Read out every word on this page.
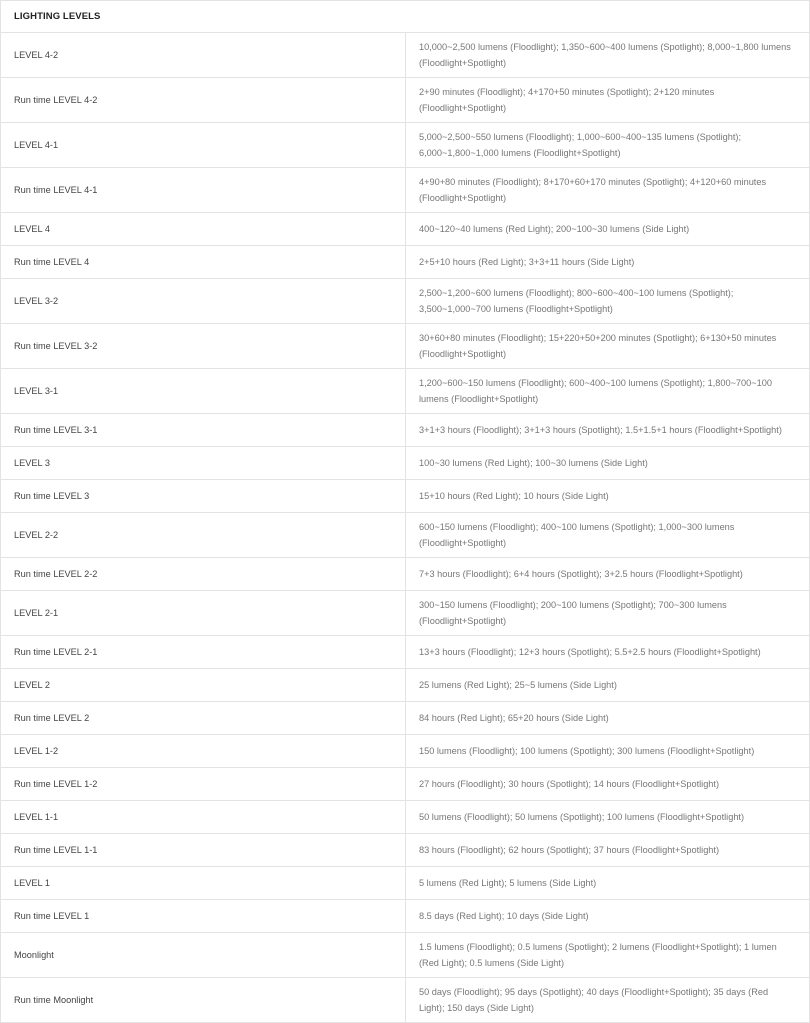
LIGHTING LEVELS	
LEVEL 4-2	10,000~2,500 lumens (Floodlight); 1,350~600~400 lumens (Spotlight); 8,000~1,800 lumens (Floodlight+Spotlight)
Run time LEVEL 4-2	2+90 minutes (Floodlight); 4+170+50 minutes (Spotlight); 2+120 minutes (Floodlight+Spotlight)
LEVEL 4-1	5,000~2,500~550 lumens (Floodlight); 1,000~600~400~135 lumens (Spotlight); 6,000~1,800~1,000 lumens (Floodlight+Spotlight)
Run time LEVEL 4-1	4+90+80 minutes (Floodlight); 8+170+60+170 minutes (Spotlight); 4+120+60 minutes (Floodlight+Spotlight)
LEVEL 4	400~120~40 lumens (Red Light); 200~100~30 lumens (Side Light)
Run time LEVEL 4	2+5+10 hours (Red Light); 3+3+11 hours (Side Light)
LEVEL 3-2	2,500~1,200~600 lumens (Floodlight); 800~600~400~100 lumens (Spotlight); 3,500~1,000~700 lumens (Floodlight+Spotlight)
Run time LEVEL 3-2	30+60+80 minutes (Floodlight); 15+220+50+200 minutes (Spotlight); 6+130+50 minutes (Floodlight+Spotlight)
LEVEL 3-1	1,200~600~150 lumens (Floodlight); 600~400~100 lumens (Spotlight); 1,800~700~100 lumens (Floodlight+Spotlight)
Run time LEVEL 3-1	3+1+3 hours (Floodlight); 3+1+3 hours (Spotlight); 1.5+1.5+1 hours (Floodlight+Spotlight)
LEVEL 3	100~30 lumens (Red Light); 100~30 lumens (Side Light)
Run time LEVEL 3	15+10 hours (Red Light); 10 hours (Side Light)
LEVEL 2-2	600~150 lumens (Floodlight); 400~100 lumens (Spotlight); 1,000~300 lumens (Floodlight+Spotlight)
Run time LEVEL 2-2	7+3 hours (Floodlight); 6+4 hours (Spotlight); 3+2.5 hours (Floodlight+Spotlight)
LEVEL 2-1	300~150 lumens (Floodlight); 200~100 lumens (Spotlight); 700~300 lumens (Floodlight+Spotlight)
Run time LEVEL 2-1	13+3 hours (Floodlight); 12+3 hours (Spotlight); 5.5+2.5 hours (Floodlight+Spotlight)
LEVEL 2	25 lumens (Red Light); 25~5 lumens (Side Light)
Run time LEVEL 2	84 hours (Red Light); 65+20 hours (Side Light)
LEVEL 1-2	150 lumens (Floodlight); 100 lumens (Spotlight); 300 lumens (Floodlight+Spotlight)
Run time LEVEL 1-2	27 hours (Floodlight); 30 hours (Spotlight); 14 hours (Floodlight+Spotlight)
LEVEL 1-1	50 lumens (Floodlight); 50 lumens (Spotlight); 100 lumens (Floodlight+Spotlight)
Run time LEVEL 1-1	83 hours (Floodlight); 62 hours (Spotlight); 37 hours (Floodlight+Spotlight)
LEVEL 1	5 lumens (Red Light); 5 lumens (Side Light)
Run time LEVEL 1	8.5 days (Red Light); 10 days (Side Light)
Moonlight	1.5 lumens (Floodlight); 0.5 lumens (Spotlight); 2 lumens (Floodlight+Spotlight); 1 lumen (Red Light); 0.5 lumens (Side Light)
Run time Moonlight	50 days (Floodlight); 95 days (Spotlight); 40 days (Floodlight+Spotlight); 35 days (Red Light); 150 days (Side Light)
